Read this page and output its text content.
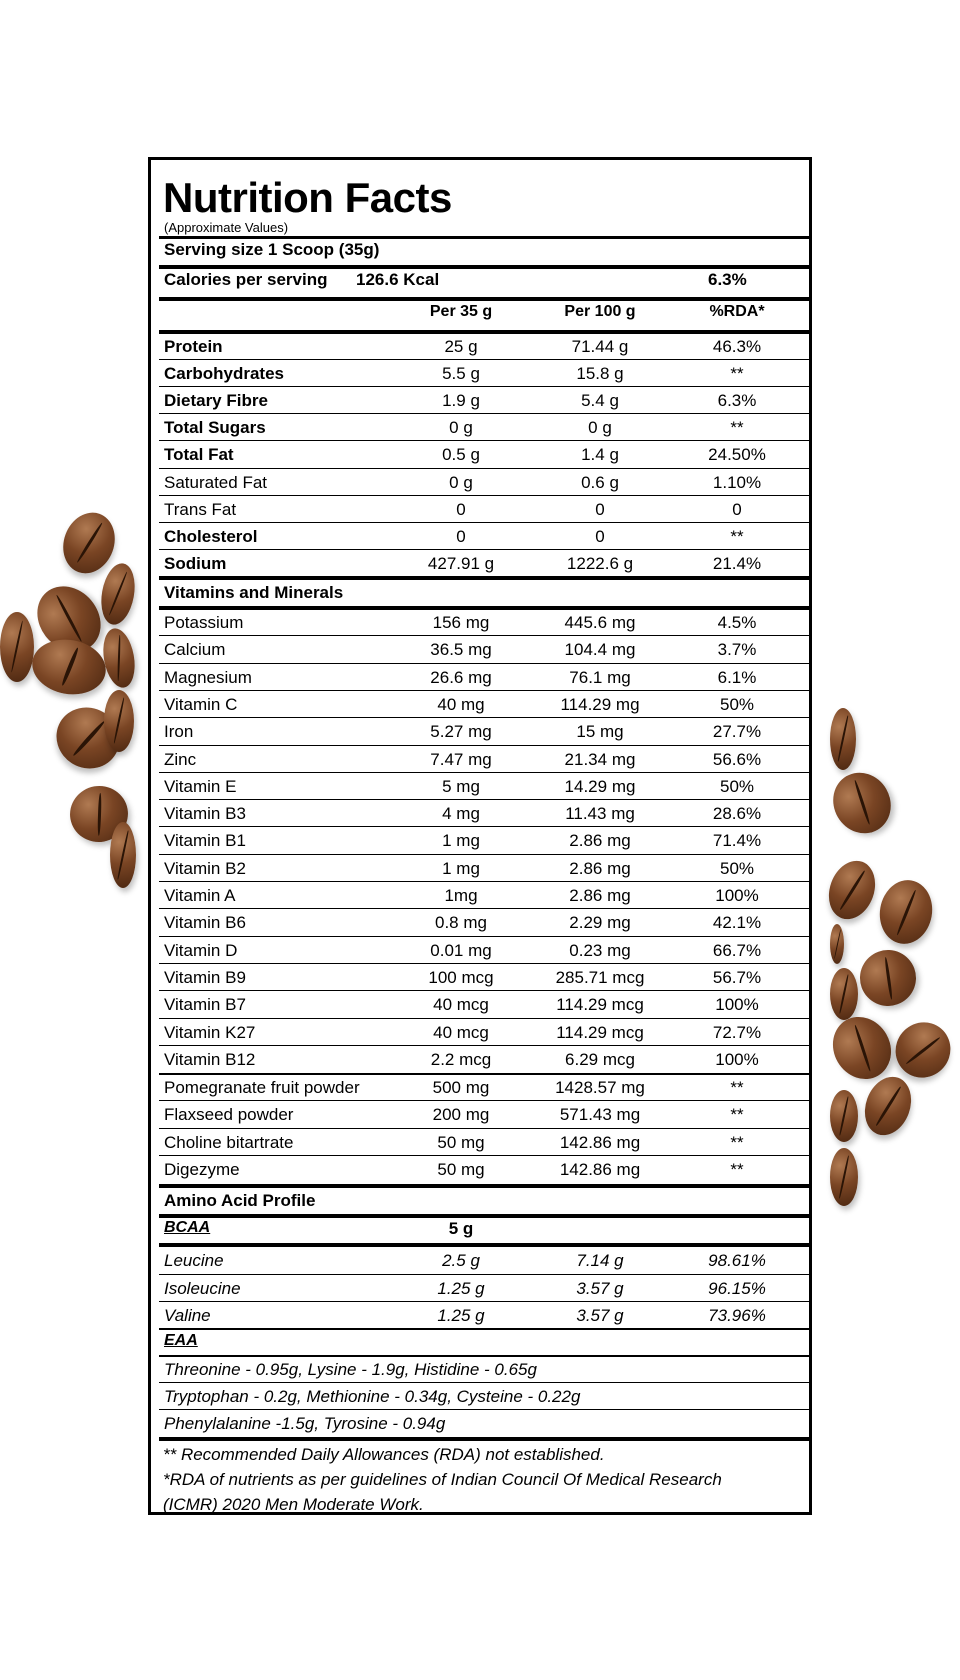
Nutrition Facts
(Approximate Values)
Serving size 1 Scoop (35g)
Calories per serving 126.6 Kcal	6.3%
Per 35 g	Per 100 g	%RDA*
Protein	25 g	71.44 g	46.3%
Carbohydrates	5.5 g	15.8 g	**
Dietary Fibre	1.9 g	5.4 g	6.3%
Total Sugars	0 g	0 g	**
Total Fat	0.5 g	1.4 g	24.50%
Saturated Fat	0 g	0.6 g	1.10%
Trans Fat	0	0	0
Cholesterol	0	0	**
Sodium	427.91 g	1222.6 g	21.4%
Vitamins and Minerals
Potassium	156 mg	445.6 mg	4.5%
Calcium	36.5 mg	104.4 mg	3.7%
Magnesium	26.6 mg	76.1 mg	6.1%
Vitamin C	40 mg	114.29 mg	50%
Iron	5.27 mg	15 mg	27.7%
Zinc	7.47 mg	21.34 mg	56.6%
Vitamin E	5 mg	14.29 mg	50%
Vitamin B3	4 mg	11.43 mg	28.6%
Vitamin B1	1 mg	2.86 mg	71.4%
Vitamin B2	1 mg	2.86 mg	50%
Vitamin A	1mg	2.86 mg	100%
Vitamin B6	0.8 mg	2.29 mg	42.1%
Vitamin D	0.01 mg	0.23 mg	66.7%
Vitamin B9	100 mcg	285.71 mcg	56.7%
Vitamin B7	40 mcg	114.29 mcg	100%
Vitamin K27	40 mcg	114.29 mcg	72.7%
Vitamin B12	2.2 mcg	6.29 mcg	100%
Pomegranate fruit powder	500 mg	1428.57 mg	**
Flaxseed powder	200 mg	571.43 mg	**
Choline bitartrate	50 mg	142.86 mg	**
Digezyme	50 mg	142.86 mg	**
Amino Acid Profile
BCAA	5 g
Leucine	2.5 g	7.14 g	98.61%
Isoleucine	1.25 g	3.57 g	96.15%
Valine	1.25 g	3.57 g	73.96%
EAA
Threonine - 0.95g, Lysine - 1.9g, Histidine - 0.65g
Tryptophan - 0.2g, Methionine - 0.34g, Cysteine - 0.22g
Phenylalanine -1.5g, Tyrosine - 0.94g
** Recommended Daily Allowances (RDA) not established.
*RDA of nutrients as per guidelines of Indian Council Of Medical Research
(ICMR) 2020 Men Moderate Work.
